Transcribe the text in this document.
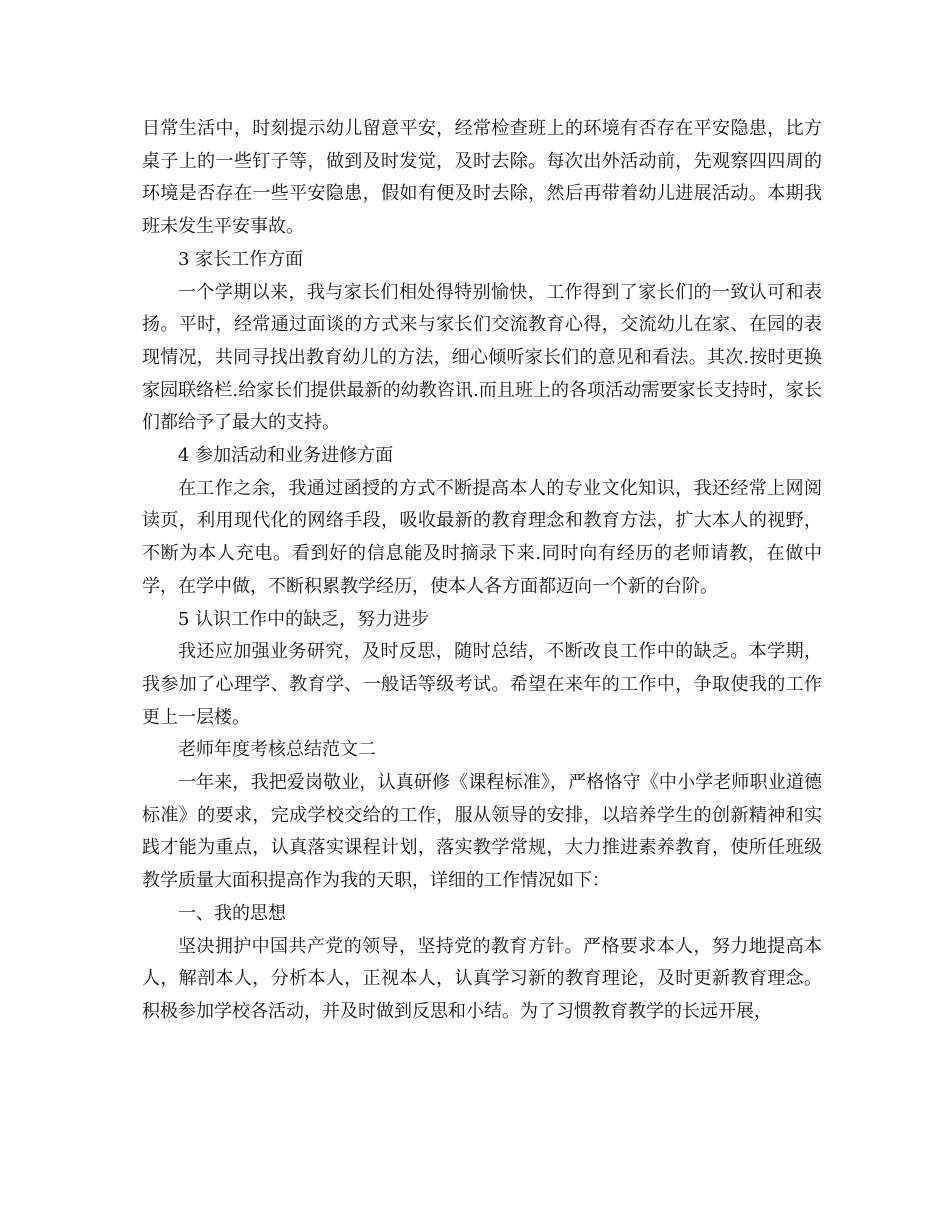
日常生活中，时刻提示幼儿留意平安，经常检查班上的环境有否存在平安隐患，比方桌子上的一些钉子等，做到及时发觉，及时去除。每次出外活动前，先观察四四周的环境是否存在一些平安隐患，假如有便及时去除，然后再带着幼儿进展活动。本期我班未发生平安事故。

3 家长工作方面

一个学期以来，我与家长们相处得特别愉快，工作得到了家长们的一致认可和表扬。平时，经常通过面谈的方式来与家长们交流教育心得，交流幼儿在家、在园的表现情况，共同寻找出教育幼儿的方法，细心倾听家长们的意见和看法。其次.按时更换家园联络栏.给家长们提供最新的幼教咨讯.而且班上的各项活动需要家长支持时，家长们都给予了最大的支持。

4 参加活动和业务进修方面

在工作之余，我通过函授的方式不断提高本人的专业文化知识，我还经常上网阅读页，利用现代化的网络手段，吸收最新的教育理念和教育方法，扩大本人的视野，不断为本人充电。看到好的信息能及时摘录下来.同时向有经历的老师请教，在做中学，在学中做，不断积累教学经历，使本人各方面都迈向一个新的台阶。

5 认识工作中的缺乏，努力进步

我还应加强业务研究，及时反思，随时总结，不断改良工作中的缺乏。本学期，我参加了心理学、教育学、一般话等级考试。希望在来年的工作中，争取使我的工作更上一层楼。

老师年度考核总结范文二

一年来，我把爱岗敬业，认真研修《课程标准》，严格恪守《中小学老师职业道德标准》的要求，完成学校交给的工作，服从领导的安排，以培养学生的创新精神和实践才能为重点，认真落实课程计划，落实教学常规，大力推进素养教育，使所任班级教学质量大面积提高作为我的天职，详细的工作情况如下：

一、我的思想

坚决拥护中国共产党的领导，坚持党的教育方针。严格要求本人，努力地提高本人，解剖本人，分析本人，正视本人，认真学习新的教育理论，及时更新教育理念。积极参加学校各活动，并及时做到反思和小结。为了习惯教育教学的长远开展，
